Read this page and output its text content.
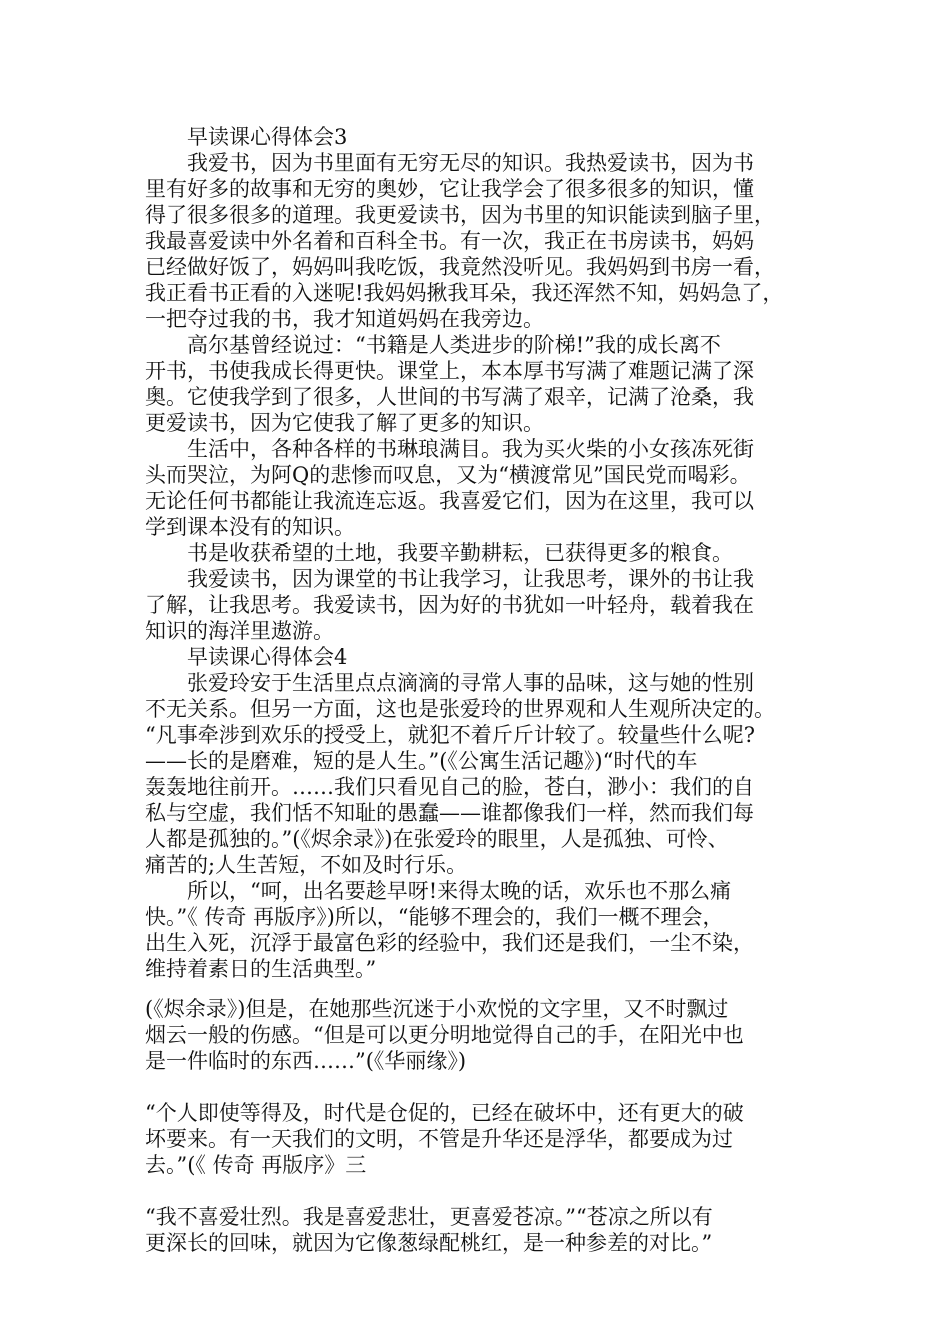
　　早读课心得体会3
　　我爱书，因为书里面有无穷无尽的知识。我热爱读书，因为书
里有好多的故事和无穷的奥妙，它让我学会了很多很多的知识，懂
得了很多很多的道理。我更爱读书，因为书里的知识能读到脑子里，
我最喜爱读中外名着和百科全书。有一次，我正在书房读书，妈妈
已经做好饭了，妈妈叫我吃饭，我竟然没听见。我妈妈到书房一看，
我正看书正看的入迷呢!我妈妈揪我耳朵，我还浑然不知，妈妈急了，
一把夺过我的书，我才知道妈妈在我旁边。
　　高尔基曾经说过：“书籍是人类进步的阶梯!”我的成长离不
开书，书使我成长得更快。课堂上，本本厚书写满了难题记满了深
奥。它使我学到了很多，人世间的书写满了艰辛，记满了沧桑，我
更爱读书，因为它使我了解了更多的知识。
　　生活中，各种各样的书琳琅满目。我为买火柴的小女孩冻死街
头而哭泣，为阿Q的悲惨而叹息，又为“横渡常见”国民党而喝彩。
无论任何书都能让我流连忘返。我喜爱它们，因为在这里，我可以
学到课本没有的知识。
　　书是收获希望的土地，我要辛勤耕耘，已获得更多的粮食。
　　我爱读书，因为课堂的书让我学习，让我思考，课外的书让我
了解，让我思考。我爱读书，因为好的书犹如一叶轻舟，载着我在
知识的海洋里遨游。
　　早读课心得体会4
　　张爱玲安于生活里点点滴滴的寻常人事的品味，这与她的性别
不无关系。但另一方面，这也是张爱玲的世界观和人生观所决定的。
“凡事牵涉到欢乐的授受上，就犯不着斤斤计较了。较量些什么呢?
——长的是磨难，短的是人生。”(《公寓生活记趣》)“时代的车
轰轰地往前开。……我们只看见自己的脸，苍白，渺小：我们的自
私与空虚，我们恬不知耻的愚蠢——谁都像我们一样，然而我们每
人都是孤独的。”(《烬余录》)在张爱玲的眼里，人是孤独、可怜、
痛苦的;人生苦短，不如及时行乐。
　　所以，“呵，出名要趁早呀!来得太晚的话，欢乐也不那么痛
快。”《 传奇 再版序》)所以，“能够不理会的，我们一概不理会，
出生入死，沉浮于最富色彩的经验中，我们还是我们，一尘不染，
维持着素日的生活典型。”
(《烬余录》)但是，在她那些沉迷于小欢悦的文字里，又不时飘过
烟云一般的伤感。“但是可以更分明地觉得自己的手，在阳光中也
是一件临时的东西……”(《华丽缘》)
“个人即使等得及，时代是仓促的，已经在破坏中，还有更大的破
坏要来。有一天我们的文明，不管是升华还是浮华，都要成为过
去。”(《 传奇 再版序》三
“我不喜爱壮烈。我是喜爱悲壮，更喜爱苍凉。”“苍凉之所以有
更深长的回味，就因为它像葱绿配桃红，是一种参差的对比。”
